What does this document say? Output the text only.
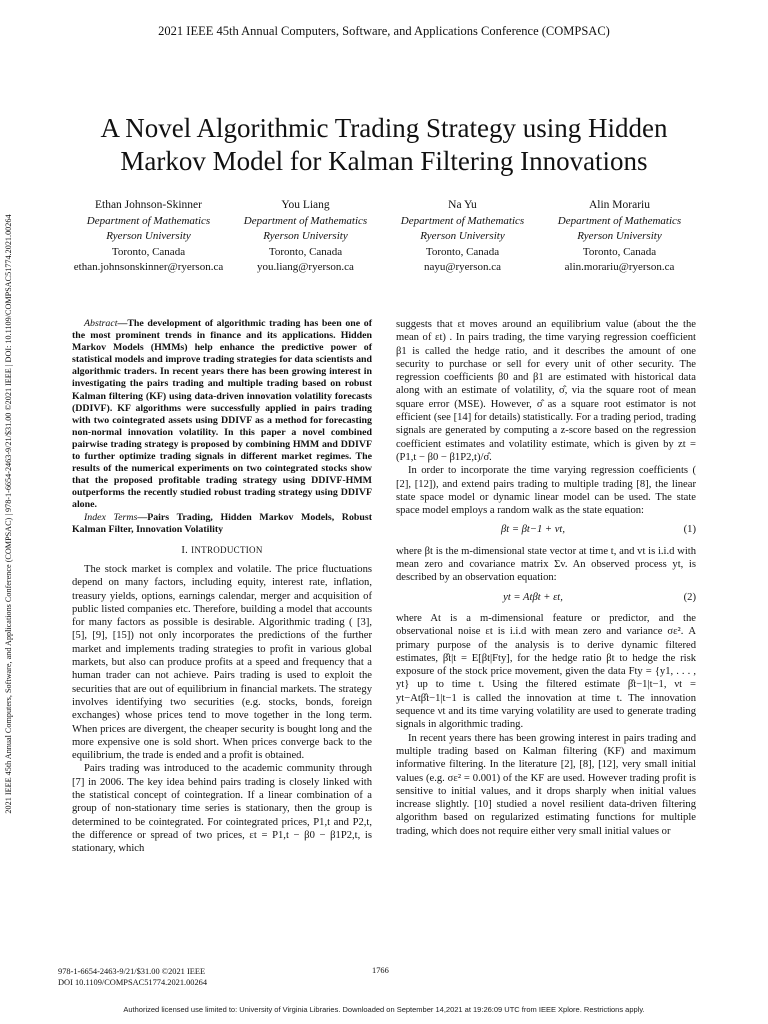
2021 IEEE 45th Annual Computers, Software, and Applications Conference (COMPSAC)
2021 IEEE 45th Annual Computers, Software, and Applications Conference (COMPSAC) | 978-1-6654-2463-9/21/$31.00 ©2021 IEEE | DOI: 10.1109/COMPSAC51774.2021.00264
A Novel Algorithmic Trading Strategy using Hidden Markov Model for Kalman Filtering Innovations
Ethan Johnson-Skinner
Department of Mathematics
Ryerson University
Toronto, Canada
ethan.johnsonskinner@ryerson.ca
You Liang
Department of Mathematics
Ryerson University
Toronto, Canada
you.liang@ryerson.ca
Na Yu
Department of Mathematics
Ryerson University
Toronto, Canada
nayu@ryerson.ca
Alin Morariu
Department of Mathematics
Ryerson University
Toronto, Canada
alin.morariu@ryerson.ca

Abstract—The development of algorithmic trading has been one of the most prominent trends in finance and its applications. Hidden Markov Models (HMMs) help enhance the predictive power of statistical models and improve trading strategies for data scientists and algorithmic traders. In recent years there has been growing interest in investigating the pairs trading and multiple trading based on robust Kalman filtering (KF) using data-driven innovation volatility forecasts (DDIVF). KF algorithms were successfully applied in pairs trading with two cointegrated assets using DDIVF as a method for forecasting non-normal innovation volatility. In this paper a novel combined pairwise trading strategy is proposed by combining HMM and DDIVF to further optimize trading signals in different market regimes. The results of the numerical experiments on two cointegrated stocks show that the proposed profitable trading strategy using DDIVF-HMM outperforms the recently studied robust trading strategy using DDIVF alone.

Index Terms—Pairs Trading, Hidden Markov Models, Robust Kalman Filter, Innovation Volatility

I. INTRODUCTION

The stock market is complex and volatile. The price fluctuations depend on many factors, including equity, interest rate, inflation, treasury yields, options, earnings calendar, merger and acquisition of public listed companies etc. Therefore, building a model that accounts for many factors as possible is desirable. Algorithmic trading ( [3], [5], [9], [15]) not only incorporates the predictions of the further market and implements trading strategies to profit in various global markets, but also can produce profits at a speed and frequency that a human trader can not achieve. Pairs trading is used to exploit the securities that are out of equilibrium in financial markets. The strategy involves identifying two securities (e.g. stocks, bonds, foreign exchanges) whose prices tend to move together in the long term. When prices are divergent, the cheaper security is bought long and the more expensive one is sold short. When prices converge back to the equilibrium, the trade is ended and a profit is obtained.

Pairs trading was introduced to the academic community through [7] in 2006. The key idea behind pairs trading is closely linked with the statistical concept of cointegration. If a linear combination of a group of non-stationary time series is stationary, then the group is determined to be cointegrated. For cointegrated prices, P1,t and P2,t, the difference or spread of two prices, εt = P1,t − β0 − β1P2,t, is stationary, which

suggests that εt moves around an equilibrium value (about the the mean of εt) . In pairs trading, the time varying regression coefficient β1 is called the hedge ratio, and it describes the amount of one security to purchase or sell for every unit of other security. The regression coefficients β0 and β1 are estimated with historical data along with an estimate of volatility, σ̂, via the square root of mean square error (MSE). However, σ̂ as a square root estimator is not efficient (see [14] for details) statistically. For a trading period, trading signals are generated by computing a z-score based on the regression coefficient estimates and volatility estimate, which is given by zt = (P1,t − β0 − β1P2,t)/σ̂.

In order to incorporate the time varying regression coefficients ( [2], [12]), and extend pairs trading to multiple trading [8], the linear state space model or dynamic linear model can be used. The state space model employs a random walk as the state equation:

βt = βt−1 + vt,	(1)

where βt is the m-dimensional state vector at time t, and vt is i.i.d with mean zero and covariance matrix Σv. An observed process yt, is described by an observation equation:

yt = Atβt + εt,	(2)

where At is a m-dimensional feature or predictor, and the observational noise εt is i.i.d with mean zero and variance σε². A primary purpose of the analysis is to derive dynamic filtered estimates, β̂t|t = E[βt|Fty], for the hedge ratio βt to hedge the risk exposure of the stock price movement, given the data Fty = {y1, . . . , yt} up to time t. Using the filtered estimate β̂t−1|t−1, νt = yt−Atβ̂t−1|t−1 is called the innovation at time t. The innovation sequence νt and its time varying volatility are used to generate trading signals in algorithmic trading.

In recent years there has been growing interest in pairs trading and multiple trading based on Kalman filtering (KF) and maximum informative filtering. In the literature [2], [8], [12], very small initial values (e.g. σε² = 0.001) of the KF are used. However trading profit is sensitive to initial values, and it drops sharply when initial values increase slightly. [10] studied a novel resilient data-driven filtering algorithm based on regularized estimating functions for multiple trading, which does not require either very small initial values or

978-1-6654-2463-9/21/$31.00 ©2021 IEEE
DOI 10.1109/COMPSAC51774.2021.00264
1766
Authorized licensed use limited to: University of Virginia Libraries. Downloaded on September 14,2021 at 19:26:09 UTC from IEEE Xplore. Restrictions apply.
